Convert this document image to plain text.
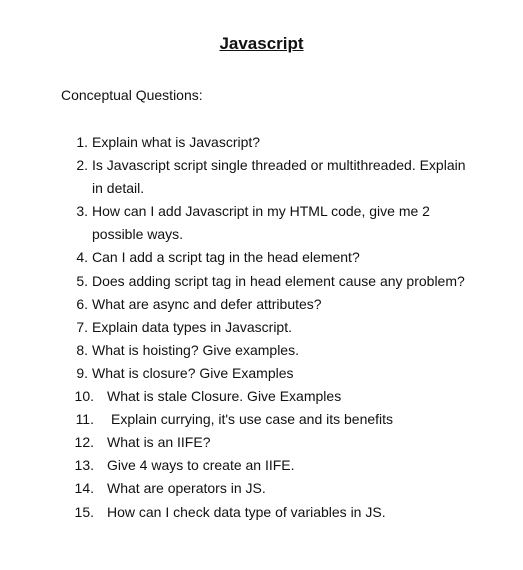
Javascript
Conceptual Questions:
1. Explain what is Javascript?
2. Is Javascript script single threaded or multithreaded. Explain in detail.
3. How can I add Javascript in my HTML code, give me 2 possible ways.
4. Can I add a script tag in the head element?
5. Does adding script tag in head element cause any problem?
6. What are async and defer attributes?
7. Explain data types in Javascript.
8. What is hoisting? Give examples.
9. What is closure? Give Examples
10. What is stale Closure. Give Examples
11. Explain currying, it's use case and its benefits
12. What is an IIFE?
13. Give 4 ways to create an IIFE.
14. What are operators in JS.
15. How can I check data type of variables in JS.
